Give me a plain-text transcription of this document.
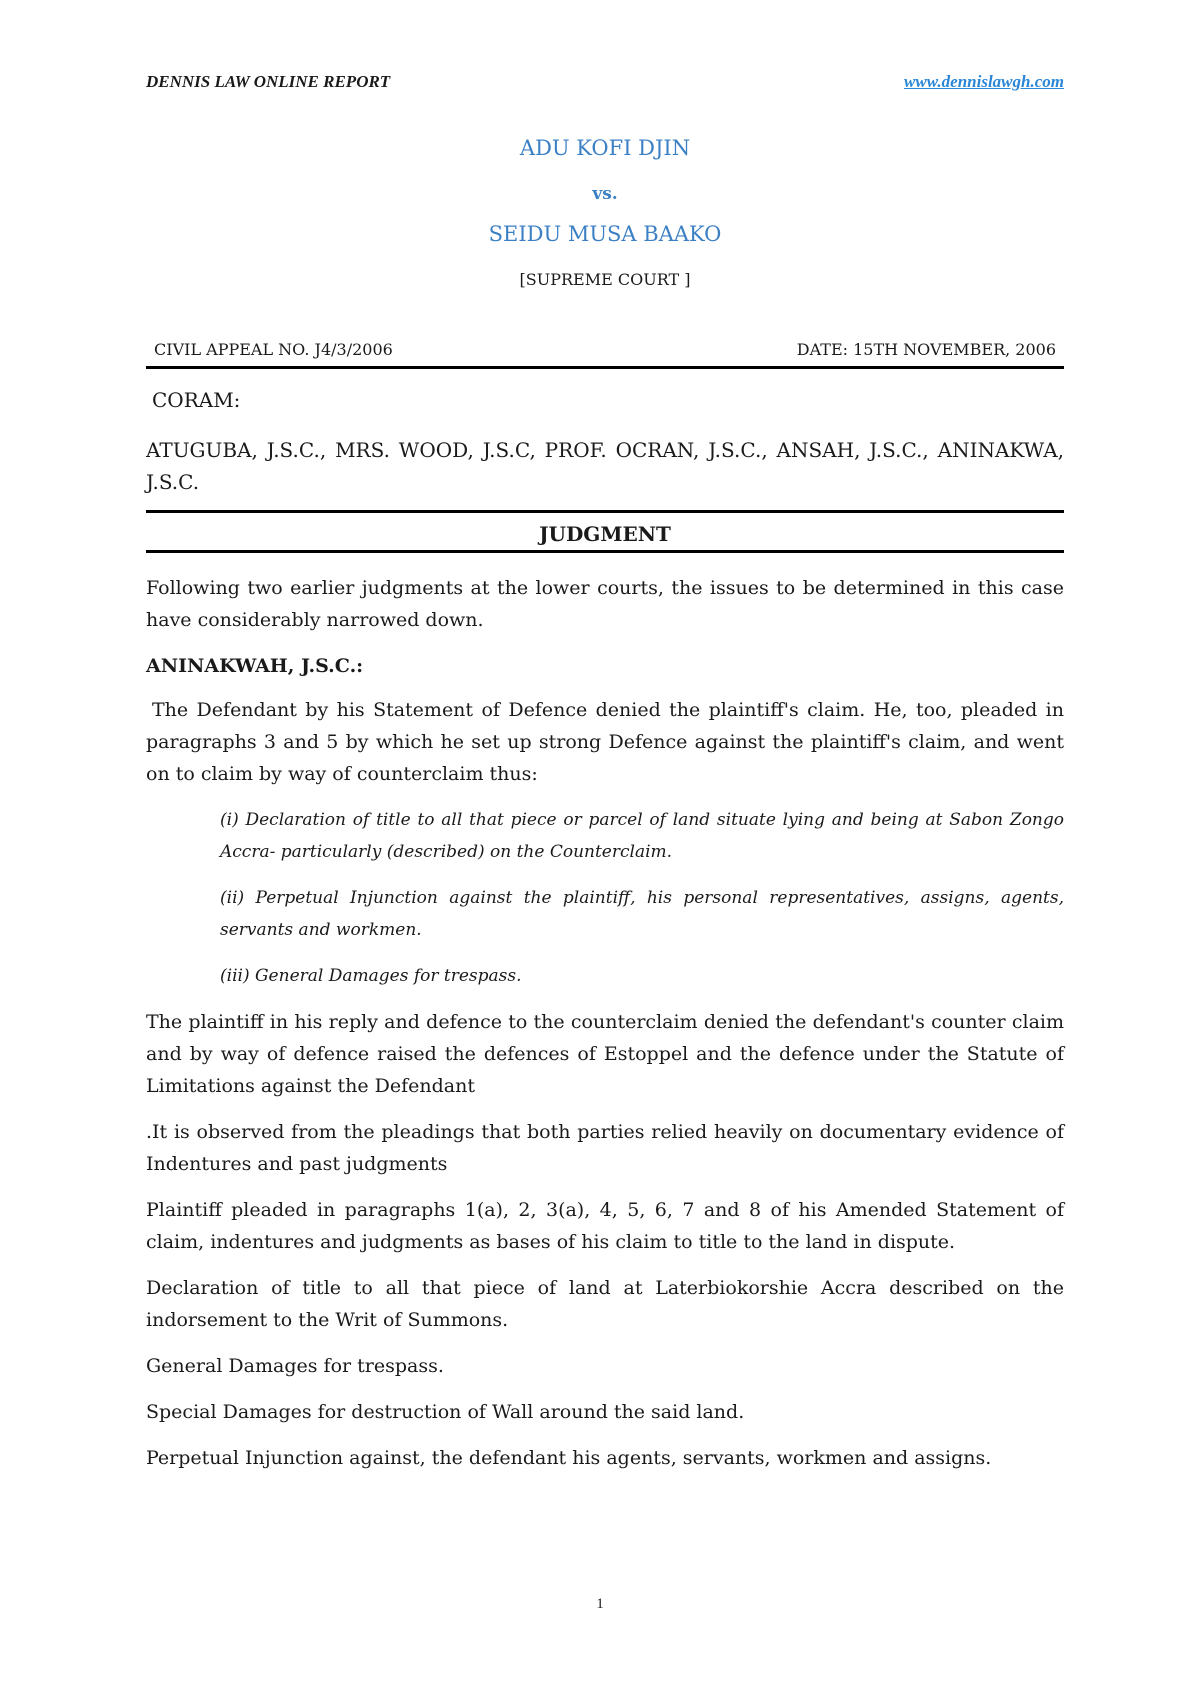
DENNIS LAW ONLINE REPORT	www.dennislawgh.com
ADU KOFI DJIN
vs.
SEIDU MUSA BAAKO
[SUPREME COURT ]
CIVIL APPEAL NO. J4/3/2006	DATE: 15TH NOVEMBER, 2006
CORAM:
ATUGUBA, J.S.C., MRS. WOOD, J.S.C, PROF. OCRAN, J.S.C., ANSAH, J.S.C., ANINAKWA, J.S.C.
JUDGMENT

Following two earlier judgments at the lower courts, the issues to be determined in this case have considerably narrowed down.

ANINAKWAH, J.S.C.:

The Defendant by his Statement of Defence denied the plaintiff's claim. He, too, pleaded in paragraphs 3 and 5 by which he set up strong Defence against the plaintiff's claim, and went on to claim by way of counterclaim thus:

(i) Declaration of title to all that piece or parcel of land situate lying and being at Sabon Zongo Accra- particularly (described) on the Counterclaim.

(ii) Perpetual Injunction against the plaintiff, his personal representatives, assigns, agents, servants and workmen.

(iii) General Damages for trespass.

The plaintiff in his reply and defence to the counterclaim denied the defendant's counter claim and by way of defence raised the defences of Estoppel and the defence under the Statute of Limitations against the Defendant

.It is observed from the pleadings that both parties relied heavily on documentary evidence of Indentures and past judgments

Plaintiff pleaded in paragraphs 1(a), 2, 3(a), 4, 5, 6, 7 and 8 of his Amended Statement of claim, indentures and judgments as bases of his claim to title to the land in dispute.

Declaration of title to all that piece of land at Laterbiokorshie Accra described on the indorsement to the Writ of Summons.

General Damages for trespass.

Special Damages for destruction of Wall around the said land.

Perpetual Injunction against, the defendant his agents, servants, workmen and assigns.

1
